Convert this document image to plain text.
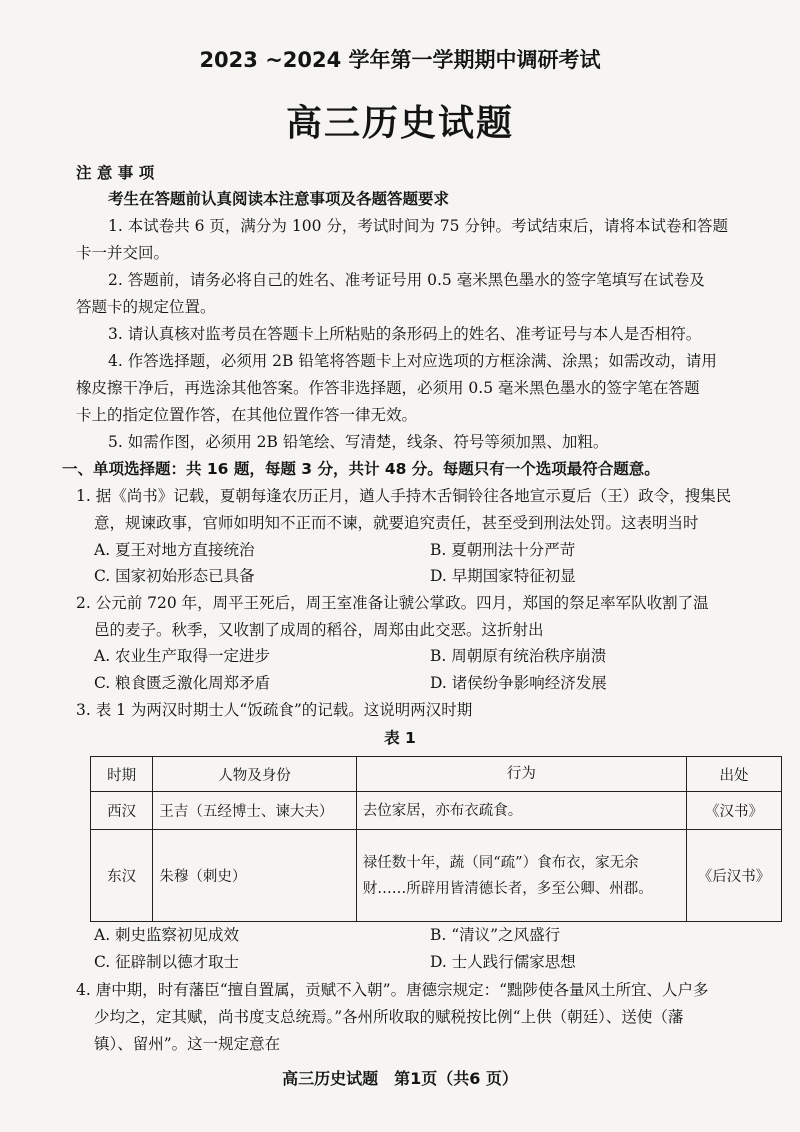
2023 ~2024 学年第一学期期中调研考试
高三历史试题
注 意 事 项
考生在答题前认真阅读本注意事项及各题答题要求
1. 本试卷共 6 页，满分为 100 分，考试时间为 75 分钟。考试结束后，请将本试卷和答题
卡一并交回。
2. 答题前，请务必将自己的姓名、准考证号用 0.5 毫米黑色墨水的签字笔填写在试卷及
答题卡的规定位置。
3. 请认真核对监考员在答题卡上所粘贴的条形码上的姓名、准考证号与本人是否相符。
4. 作答选择题，必须用 2B 铅笔将答题卡上对应选项的方框涂满、涂黑；如需改动，请用
橡皮擦干净后，再选涂其他答案。作答非选择题，必须用 0.5 毫米黑色墨水的签字笔在答题
卡上的指定位置作答，在其他位置作答一律无效。
5. 如需作图，必须用 2B 铅笔绘、写清楚，线条、符号等须加黑、加粗。
一、单项选择题：共 16 题，每题 3 分，共计 48 分。每题只有一个选项最符合题意。
1. 据《尚书》记载，夏朝每逢农历正月，遒人手持木舌铜铃往各地宣示夏后（王）政令，搜集民
意，规谏政事，官师如明知不正而不谏，就要追究责任，甚至受到刑法处罚。这表明当时
A. 夏王对地方直接统治	B. 夏朝刑法十分严苛
C. 国家初始形态已具备	D. 早期国家特征初显
2. 公元前 720 年，周平王死后，周王室准备让虢公掌政。四月，郑国的祭足率军队收割了温
邑的麦子。秋季，又收割了成周的稻谷，周郑由此交恶。这折射出
A. 农业生产取得一定进步	B. 周朝原有统治秩序崩溃
C. 粮食匮乏激化周郑矛盾	D. 诸侯纷争影响经济发展
3. 表 1 为两汉时期士人“饭疏食”的记载。这说明两汉时期
表 1
时期	人物及身份	行为	出处
西汉	王吉（五经博士、谏大夫）	去位家居，亦布衣疏食。	《汉书》
东汉	朱穆（刺史）	禄任数十年，蔬（同“疏”）食布衣，家无余财……所辟用皆清德长者，多至公卿、州郡。	《后汉书》
A. 刺史监察初见成效	B. “清议”之风盛行
C. 征辟制以德才取士	D. 士人践行儒家思想
4. 唐中期，时有藩臣“擅自置属，贡赋不入朝”。唐德宗规定：“黜陟使各量风土所宜、人户多
少均之，定其赋，尚书度支总统焉。”各州所收取的赋税按比例“上供（朝廷）、送使（藩
镇）、留州”。这一规定意在
高三历史试题　第1页（共6 页）
